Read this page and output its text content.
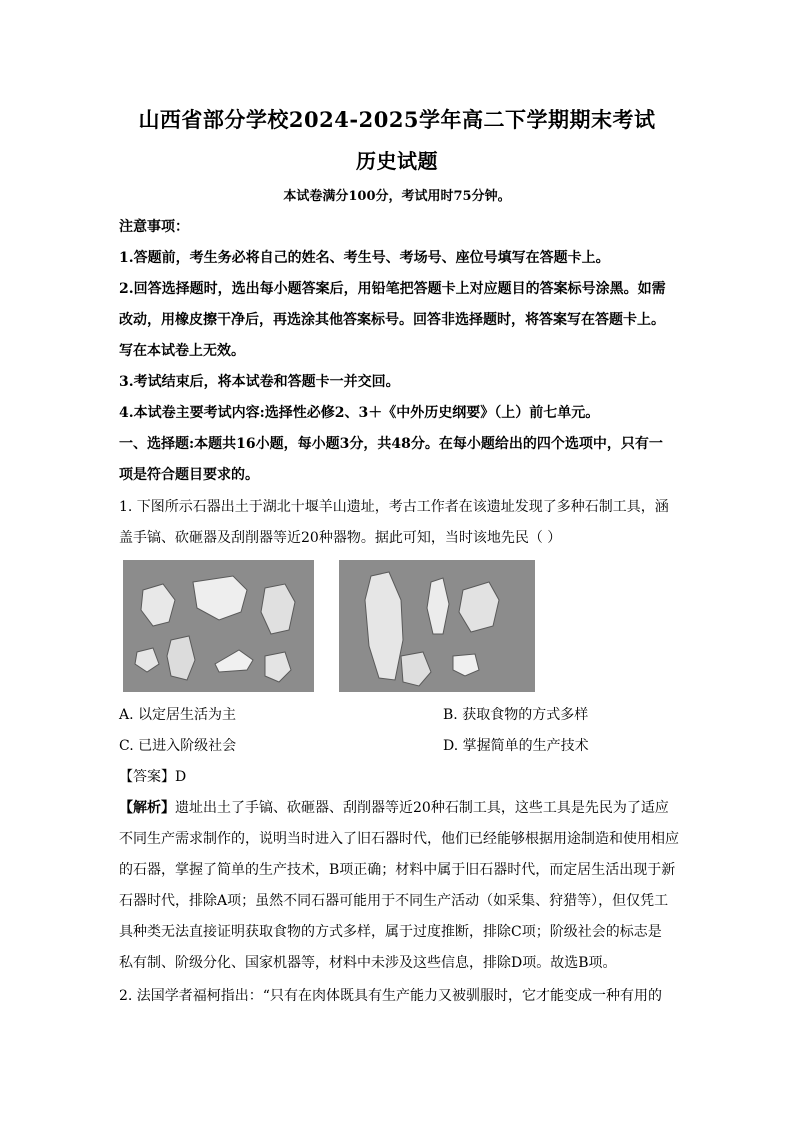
山西省部分学校2024-2025学年高二下学期期末考试
历史试题
本试卷满分100分，考试用时75分钟。
注意事项：
1.答题前，考生务必将自己的姓名、考生号、考场号、座位号填写在答题卡上。
2.回答选择题时，选出每小题答案后，用铅笔把答题卡上对应题目的答案标号涂黑。如需
改动，用橡皮擦干净后，再选涂其他答案标号。回答非选择题时，将答案写在答题卡上。
写在本试卷上无效。
3.考试结束后，将本试卷和答题卡一并交回。
4.本试卷主要考试内容:选择性必修2、3＋《中外历史纲要》（上）前七单元。
一、选择题:本题共16小题，每小题3分，共48分。在每小题给出的四个选项中，只有一
项是符合题目要求的。
1. 下图所示石器出土于湖北十堰羊山遗址，考古工作者在该遗址发现了多种石制工具，涵
盖手镐、砍砸器及刮削器等近20种器物。据此可知，当时该地先民（ ）
A. 以定居生活为主	B. 获取食物的方式多样
C. 已进入阶级社会	D. 掌握简单的生产技术
【答案】D
【解析】遗址出土了手镐、砍砸器、刮削器等近20种石制工具，这些工具是先民为了适应
不同生产需求制作的，说明当时进入了旧石器时代，他们已经能够根据用途制造和使用相应
的石器，掌握了简单的生产技术，B项正确；材料中属于旧石器时代，而定居生活出现于新
石器时代，排除A项；虽然不同石器可能用于不同生产活动（如采集、狩猎等），但仅凭工
具种类无法直接证明获取食物的方式多样，属于过度推断，排除C项；阶级社会的标志是
私有制、阶级分化、国家机器等，材料中未涉及这些信息，排除D项。故选B项。
2. 法国学者福柯指出：“只有在肉体既具有生产能力又被驯服时，它才能变成一种有用的
